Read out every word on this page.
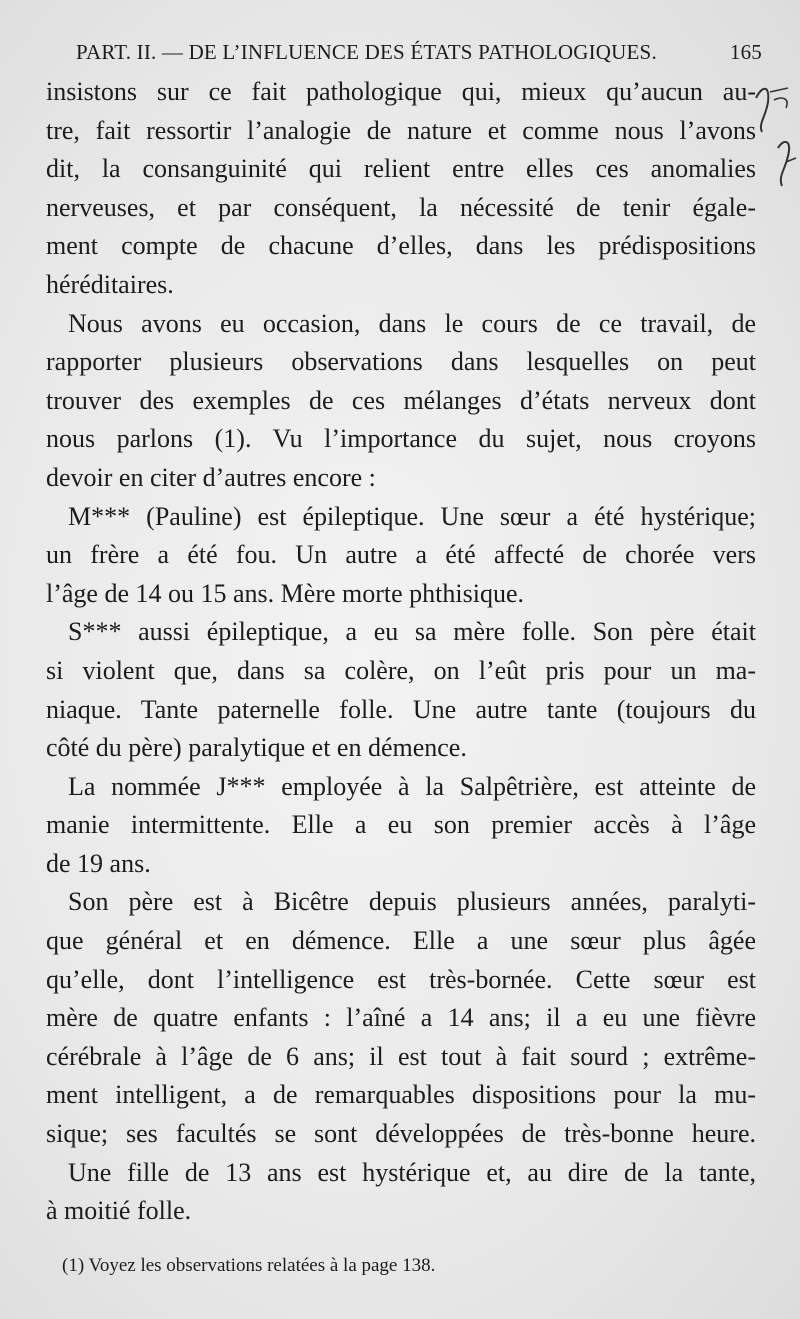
PART. II. — DE L’INFLUENCE DES ÉTATS PATHOLOGIQUES.	165
insistons sur ce fait pathologique qui, mieux qu’aucun au-
tre, fait ressortir l’analogie de nature et comme nous l’avons
dit, la consanguinité qui relient entre elles ces anomalies
nerveuses, et par conséquent, la nécessité de tenir égale-
ment compte de chacune d’elles, dans les prédispositions
héréditaires.
Nous avons eu occasion, dans le cours de ce travail, de
rapporter plusieurs observations dans lesquelles on peut
trouver des exemples de ces mélanges d’états nerveux dont
nous parlons (1). Vu l’importance du sujet, nous croyons
devoir en citer d’autres encore :
M*** (Pauline) est épileptique. Une sœur a été hystérique;
un frère a été fou. Un autre a été affecté de chorée vers
l’âge de 14 ou 15 ans. Mère morte phthisique.
S*** aussi épileptique, a eu sa mère folle. Son père était
si violent que, dans sa colère, on l’eût pris pour un ma-
niaque. Tante paternelle folle. Une autre tante (toujours du
côté du père) paralytique et en démence.
La nommée J*** employée à la Salpêtrière, est atteinte de
manie intermittente. Elle a eu son premier accès à l’âge
de 19 ans.
Son père est à Bicêtre depuis plusieurs années, paralyti-
que général et en démence. Elle a une sœur plus âgée
qu’elle, dont l’intelligence est très-bornée. Cette sœur est
mère de quatre enfants : l’aîné a 14 ans; il a eu une fièvre
cérébrale à l’âge de 6 ans; il est tout à fait sourd ; extrême-
ment intelligent, a de remarquables dispositions pour la mu-
sique; ses facultés se sont développées de très-bonne heure.
Une fille de 13 ans est hystérique et, au dire de la tante,
à moitié folle.
(1) Voyez les observations relatées à la page 138.
